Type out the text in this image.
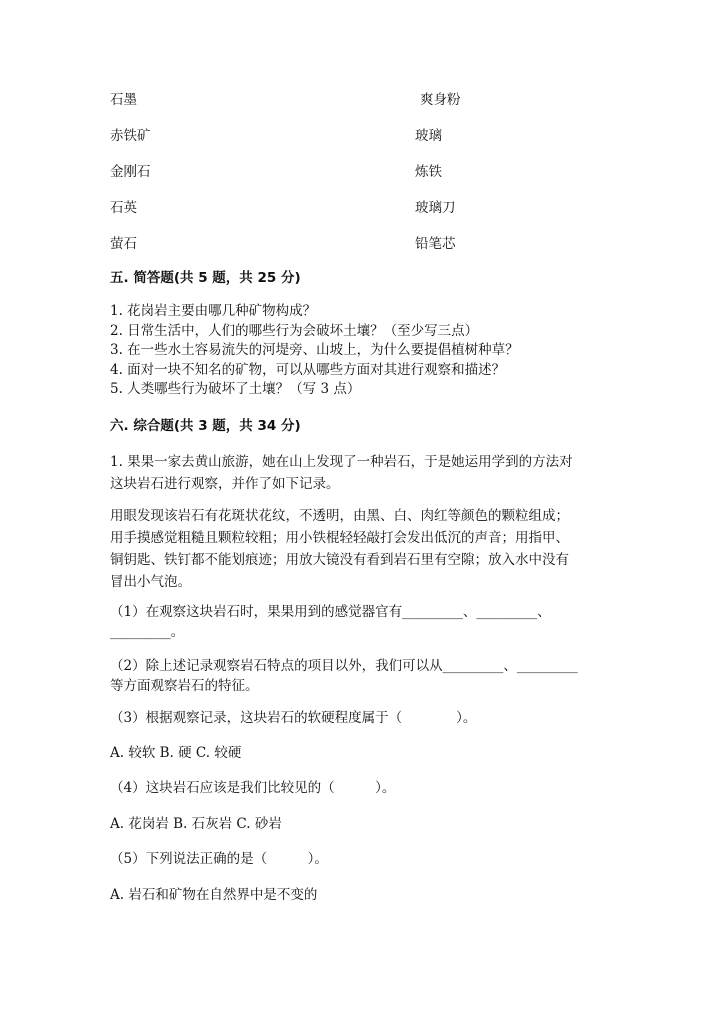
石墨	爽身粉
赤铁矿	玻璃
金刚石	炼铁
石英	玻璃刀
萤石	铅笔芯
五. 简答题(共 5 题，共 25 分)
1. 花岗岩主要由哪几种矿物构成？
2. 日常生活中，人们的哪些行为会破坏土壤？（至少写三点）
3. 在一些水土容易流失的河堤旁、山坡上，为什么要提倡植树种草？
4. 面对一块不知名的矿物，可以从哪些方面对其进行观察和描述？
5. 人类哪些行为破坏了土壤？（写 3 点）
六. 综合题(共 3 题，共 34 分)
1. 果果一家去黄山旅游，她在山上发现了一种岩石，于是她运用学到的方法对
这块岩石进行观察，并作了如下记录。
用眼发现该岩石有花斑状花纹，不透明，由黑、白、肉红等颜色的颗粒组成；
用手摸感觉粗糙且颗粒较粗；用小铁棍轻轻敲打会发出低沉的声音；用指甲、
铜钥匙、铁钉都不能划痕迹；用放大镜没有看到岩石里有空隙；放入水中没有
冒出小气泡。
（1）在观察这块岩石时，果果用到的感觉器官有_________、_________、
_________。
（2）除上述记录观察岩石特点的项目以外，我们可以从_________、_________
等方面观察岩石的特征。
（3）根据观察记录，这块岩石的软硬程度属于（　　　　）。
A. 较软 B. 硬 C. 较硬
（4）这块岩石应该是我们比较见的（　　　）。
A. 花岗岩 B. 石灰岩 C. 砂岩
（5）下列说法正确的是（　　　）。
A. 岩石和矿物在自然界中是不变的
